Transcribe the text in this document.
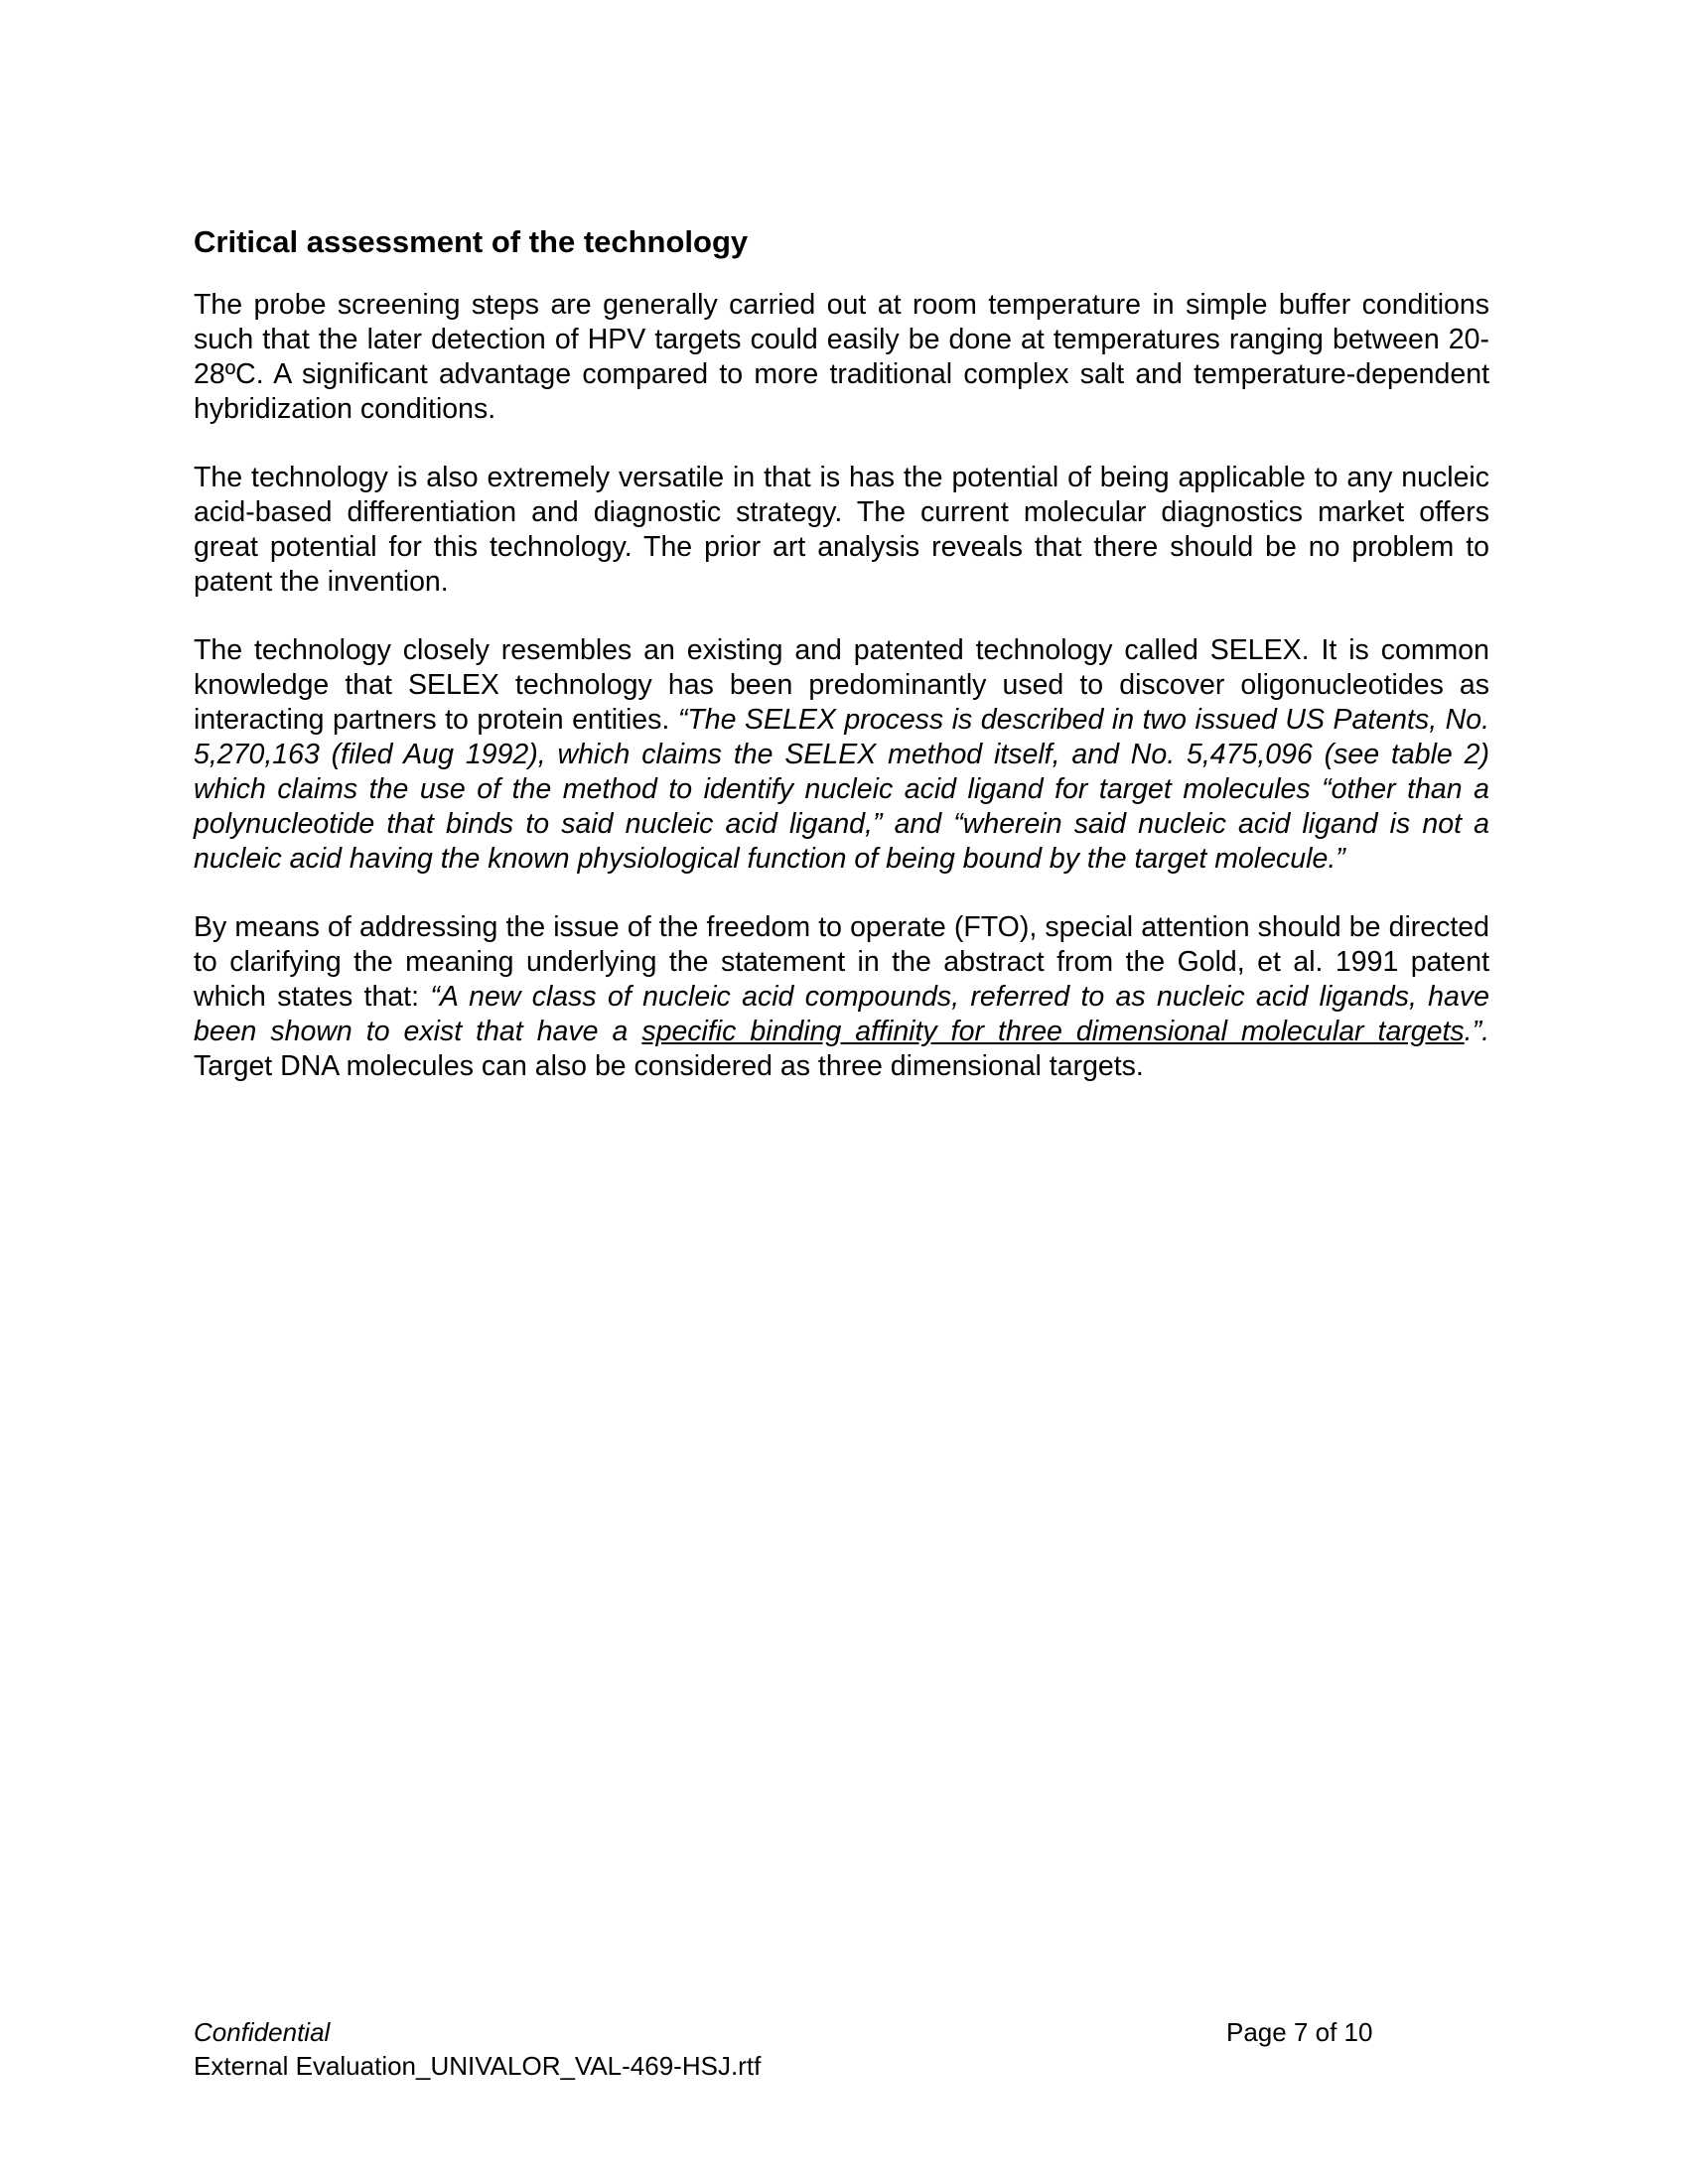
Critical assessment of the technology

The probe screening steps are generally carried out at room temperature in simple buffer conditions such that the later detection of HPV targets could easily be done at temperatures ranging between 20-28ºC. A significant advantage compared to more traditional complex salt and temperature-dependent hybridization conditions.

The technology is also extremely versatile in that is has the potential of being applicable to any nucleic acid-based differentiation and diagnostic strategy. The current molecular diagnostics market offers great potential for this technology. The prior art analysis reveals that there should be no problem to patent the invention.

The technology closely resembles an existing and patented technology called SELEX. It is common knowledge that SELEX technology has been predominantly used to discover oligonucleotides as interacting partners to protein entities. “The SELEX process is described in two issued US Patents, No. 5,270,163 (filed Aug 1992), which claims the SELEX method itself, and No. 5,475,096 (see table 2) which claims the use of the method to identify nucleic acid ligand for target molecules “other than a polynucleotide that binds to said nucleic acid ligand,” and “wherein said nucleic acid ligand is not a nucleic acid having the known physiological function of being bound by the target molecule.”

By means of addressing the issue of the freedom to operate (FTO), special attention should be directed to clarifying the meaning underlying the statement in the abstract from the Gold, et al. 1991 patent which states that: “A new class of nucleic acid compounds, referred to as nucleic acid ligands, have been shown to exist that have a specific binding affinity for three dimensional molecular targets.”. Target DNA molecules can also be considered as three dimensional targets.

Confidential
External Evaluation_UNIVALOR_VAL-469-HSJ.rtf
Page 7 of 10
